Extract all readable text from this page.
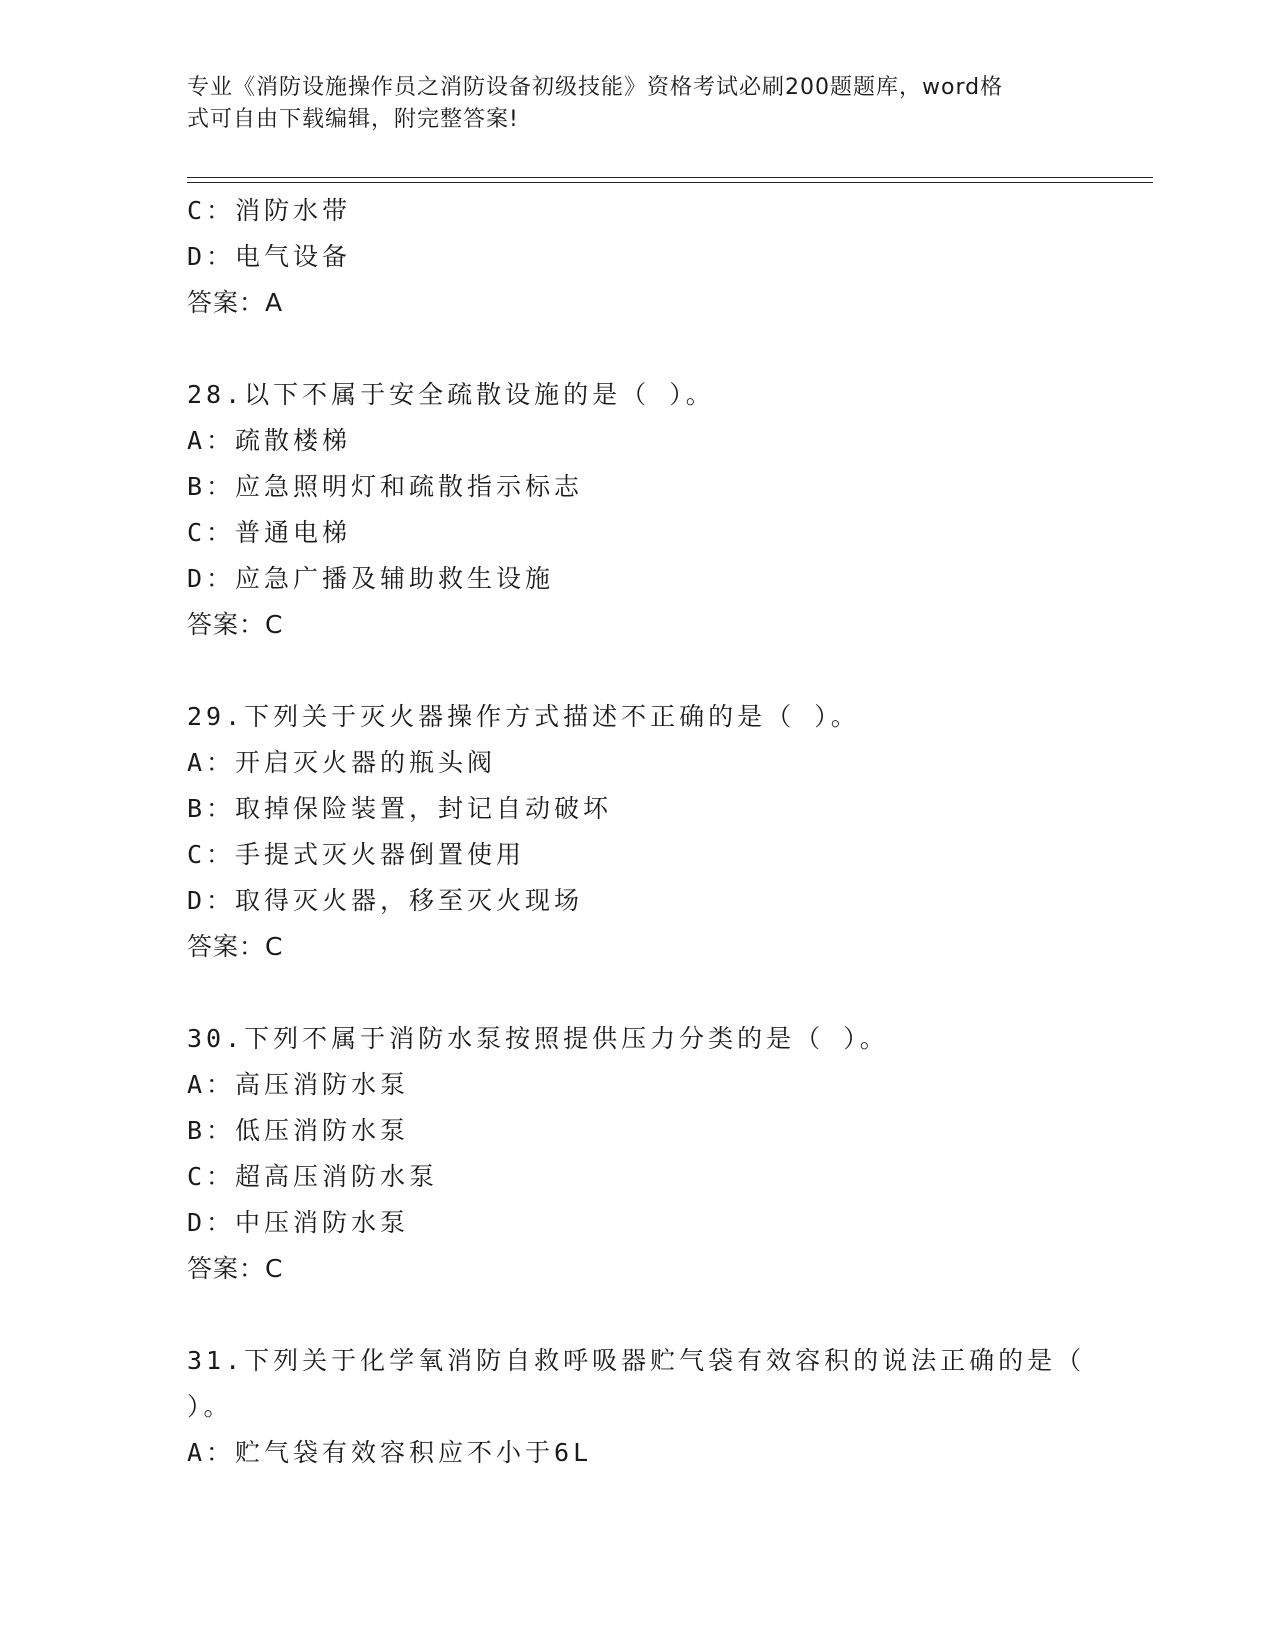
专业《消防设施操作员之消防设备初级技能》资格考试必刷200题题库，word格
式可自由下载编辑，附完整答案!
C：消防水带
D：电气设备
答案：A
28.以下不属于安全疏散设施的是（ ）。
A：疏散楼梯
B：应急照明灯和疏散指示标志
C：普通电梯
D：应急广播及辅助救生设施
答案：C
29.下列关于灭火器操作方式描述不正确的是（ ）。
A：开启灭火器的瓶头阀
B：取掉保险装置，封记自动破坏
C：手提式灭火器倒置使用
D：取得灭火器，移至灭火现场
答案：C
30.下列不属于消防水泵按照提供压力分类的是（ ）。
A：高压消防水泵
B：低压消防水泵
C：超高压消防水泵
D：中压消防水泵
答案：C
31.下列关于化学氧消防自救呼吸器贮气袋有效容积的说法正确的是（
）。
A：贮气袋有效容积应不小于6L
